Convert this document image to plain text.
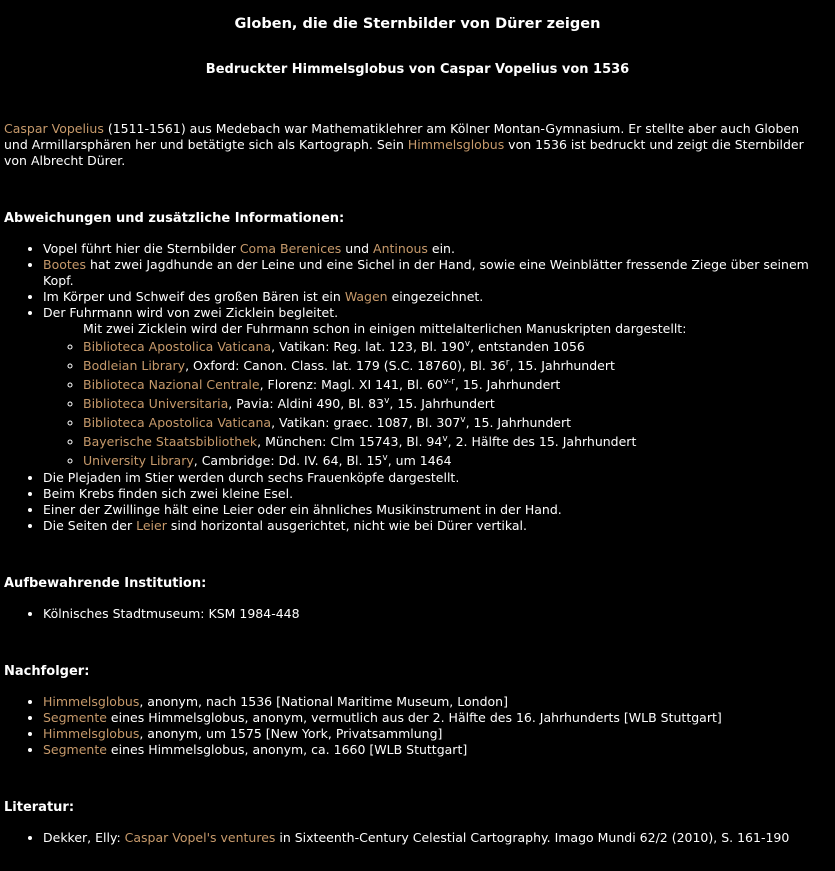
Globen, die die Sternbilder von Dürer zeigen
Bedruckter Himmelsglobus von Caspar Vopelius von 1536

Caspar Vopelius (1511-1561) aus Medebach war Mathematiklehrer am Kölner Montan-Gymnasium. Er stellte aber auch Globen und Armillarsphären her und betätigte sich als Kartograph. Sein Himmelsglobus von 1536 ist bedruckt und zeigt die Sternbilder von Albrecht Dürer.

Abweichungen und zusätzliche Informationen:
• Vopel führt hier die Sternbilder Coma Berenices und Antinous ein.
• Bootes hat zwei Jagdhunde an der Leine und eine Sichel in der Hand, sowie eine Weinblätter fressende Ziege über seinem Kopf.
• Im Körper und Schweif des großen Bären ist ein Wagen eingezeichnet.
• Der Fuhrmann wird von zwei Zicklein begleitet.
Mit zwei Zicklein wird der Fuhrmann schon in einigen mittelalterlichen Manuskripten dargestellt:
◦ Biblioteca Apostolica Vaticana, Vatikan: Reg. lat. 123, Bl. 190$^v$, entstanden 1056
◦ Bodleian Library, Oxford: Canon. Class. lat. 179 (S.C. 18760), Bl. 36$^r$, 15. Jahrhundert
◦ Biblioteca Nazional Centrale, Florenz: Magl. XI 141, Bl. 60$^{v-r}$, 15. Jahrhundert
◦ Biblioteca Universitaria, Pavia: Aldini 490, Bl. 83$^v$, 15. Jahrhundert
◦ Biblioteca Apostolica Vaticana, Vatikan: graec. 1087, Bl. 307$^v$, 15. Jahrhundert
◦ Bayerische Staatsbibliothek, München: Clm 15743, Bl. 94$^v$, 2. Hälfte des 15. Jahrhundert
◦ University Library, Cambridge: Dd. IV. 64, Bl. 15$^v$, um 1464
• Die Plejaden im Stier werden durch sechs Frauenköpfe dargestellt.
• Beim Krebs finden sich zwei kleine Esel.
• Einer der Zwillinge hält eine Leier oder ein ähnliches Musikinstrument in der Hand.
• Die Seiten der Leier sind horizontal ausgerichtet, nicht wie bei Dürer vertikal.
Aufbewahrende Institution:
• Kölnisches Stadtmuseum: KSM 1984-448
Nachfolger:
• Himmelsglobus, anonym, nach 1536 [National Maritime Museum, London]
• Segmente eines Himmelsglobus, anonym, vermutlich aus der 2. Hälfte des 16. Jahrhunderts [WLB Stuttgart]
• Himmelsglobus, anonym, um 1575 [New York, Privatsammlung]
• Segmente eines Himmelsglobus, anonym, ca. 1660 [WLB Stuttgart]
Literatur:
• Dekker, Elly: Caspar Vopel's ventures in Sixteenth-Century Celestial Cartography. Imago Mundi 62/2 (2010), S. 161-190
